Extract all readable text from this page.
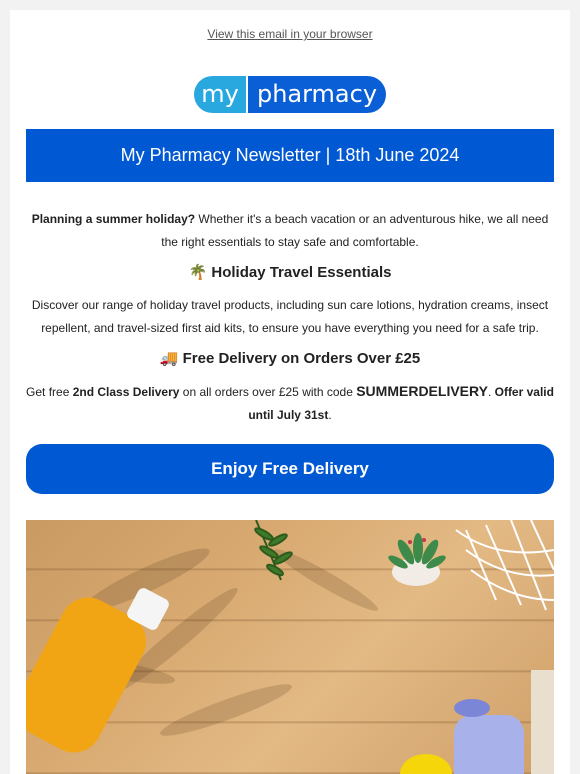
View this email in your browser
my pharmacy
My Pharmacy Newsletter | 18th June 2024
Planning a summer holiday? Whether it's a beach vacation or an adventurous hike, we all need the right essentials to stay safe and comfortable.
🌴 Holiday Travel Essentials
Discover our range of holiday travel products, including sun care lotions, hydration creams, insect repellent, and travel-sized first aid kits, to ensure you have everything you need for a safe trip.
🚚 Free Delivery on Orders Over £25
Get free 2nd Class Delivery on all orders over £25 with code SUMMERDELIVERY. Offer valid until July 31st.
Enjoy Free Delivery
